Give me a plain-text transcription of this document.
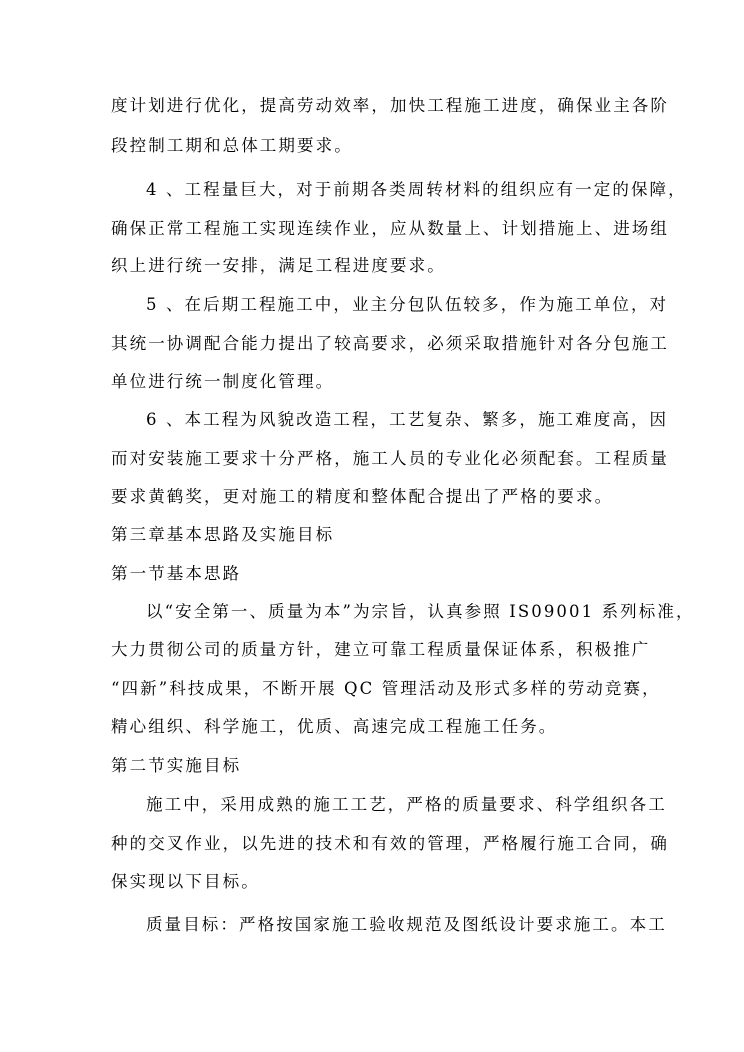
度计划进行优化，提高劳动效率，加快工程施工进度，确保业主各阶
段控制工期和总体工期要求。
4 、工程量巨大，对于前期各类周转材料的组织应有一定的保障，
确保正常工程施工实现连续作业，应从数量上、计划措施上、进场组
织上进行统一安排，满足工程进度要求。
5 、在后期工程施工中，业主分包队伍较多，作为施工单位，对
其统一协调配合能力提出了较高要求，必须采取措施针对各分包施工
单位进行统一制度化管理。
6 、本工程为风貌改造工程，工艺复杂、繁多，施工难度高，因
而对安装施工要求十分严格，施工人员的专业化必须配套。工程质量
要求黄鹤奖，更对施工的精度和整体配合提出了严格的要求。
第三章基本思路及实施目标
第一节基本思路
以“安全第一、质量为本”为宗旨，认真参照 IS09001 系列标准，
大力贯彻公司的质量方针，建立可靠工程质量保证体系，积极推广
“四新”科技成果，不断开展 QC 管理活动及形式多样的劳动竞赛，
精心组织、科学施工，优质、高速完成工程施工任务。
第二节实施目标
施工中，采用成熟的施工工艺，严格的质量要求、科学组织各工
种的交叉作业，以先进的技术和有效的管理，严格履行施工合同，确
保实现以下目标。
质量目标：严格按国家施工验收规范及图纸设计要求施工。本工
